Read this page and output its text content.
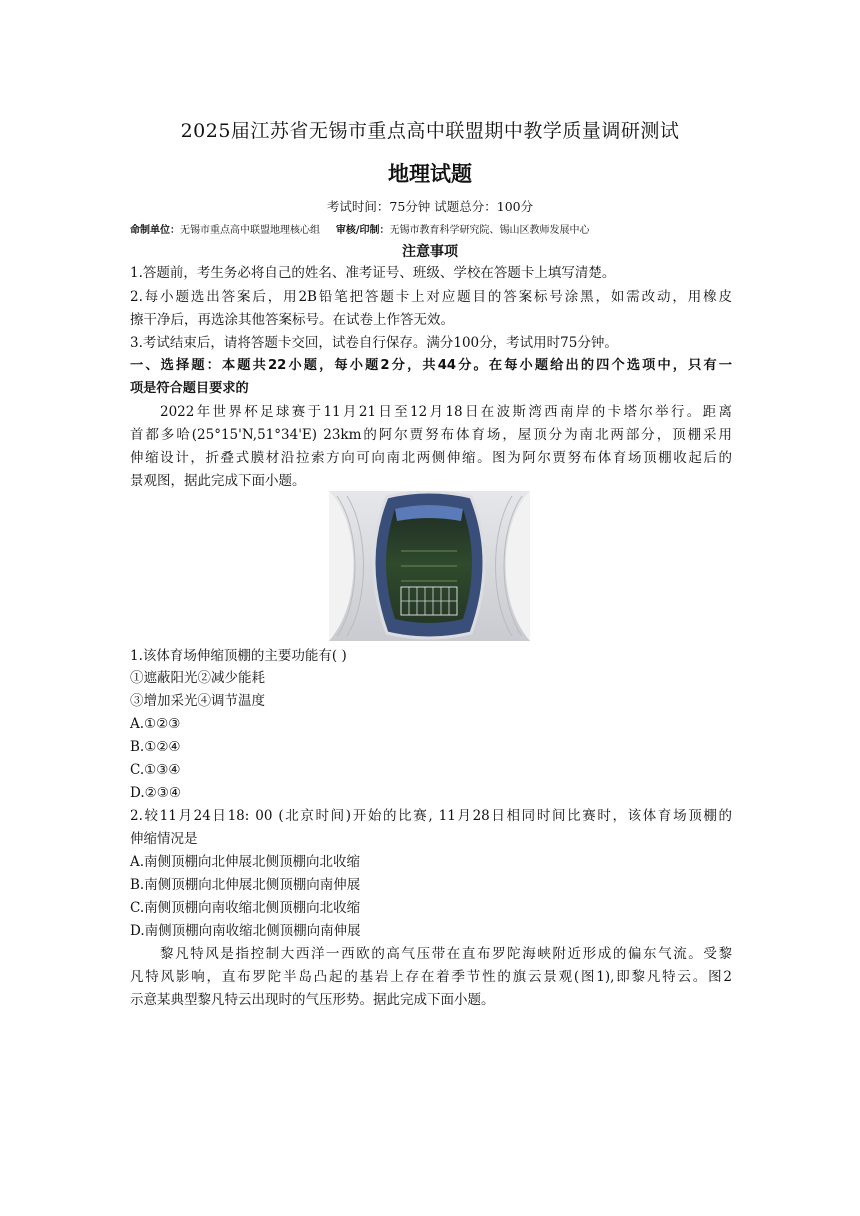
2025届江苏省无锡市重点高中联盟期中教学质量调研测试
地理试题
考试时间：75分钟 试题总分：100分
命制单位：无锡市重点高中联盟地理核心组 审核/印制：无锡市教育科学研究院、锡山区教师发展中心
注意事项
1.答题前，考生务必将自己的姓名、准考证号、班级、学校在答题卡上填写清楚。
2.每小题选出答案后，用2B铅笔把答题卡上对应题目的答案标号涂黑，如需改动，用橡皮
擦干净后，再选涂其他答案标号。在试卷上作答无效。
3.考试结束后，请将答题卡交回，试卷自行保存。满分100分，考试用时75分钟。
一、选择题：本题共22小题，每小题2分，共44分。在每小题给出的四个选项中，只有一
项是符合题目要求的
2022年世界杯足球赛于11月21日至12月18日在波斯湾西南岸的卡塔尔举行。距离
首都多哈(25°15'N,51°34'E) 23km的阿尔贾努布体育场，屋顶分为南北两部分，顶棚采用
伸缩设计，折叠式膜材沿拉索方向可向南北两侧伸缩。图为阿尔贾努布体育场顶棚收起后的
景观图，据此完成下面小题。
1.该体育场伸缩顶棚的主要功能有( )
①遮蔽阳光②减少能耗
③增加采光④调节温度
A.①②③
B.①②④
C.①③④
D.②③④
2.较11月24日18: 00 (北京时间)开始的比赛, 11月28日相同时间比赛时，该体育场顶棚的
伸缩情况是
A.南侧顶棚向北伸展北侧顶棚向北收缩
B.南侧顶棚向北伸展北侧顶棚向南伸展
C.南侧顶棚向南收缩北侧顶棚向北收缩
D.南侧顶棚向南收缩北侧顶棚向南伸展
黎凡特风是指控制大西洋一西欧的高气压带在直布罗陀海峡附近形成的偏东气流。受黎
凡特风影响，直布罗陀半岛凸起的基岩上存在着季节性的旗云景观(图1),即黎凡特云。图2
示意某典型黎凡特云出现时的气压形势。据此完成下面小题。
